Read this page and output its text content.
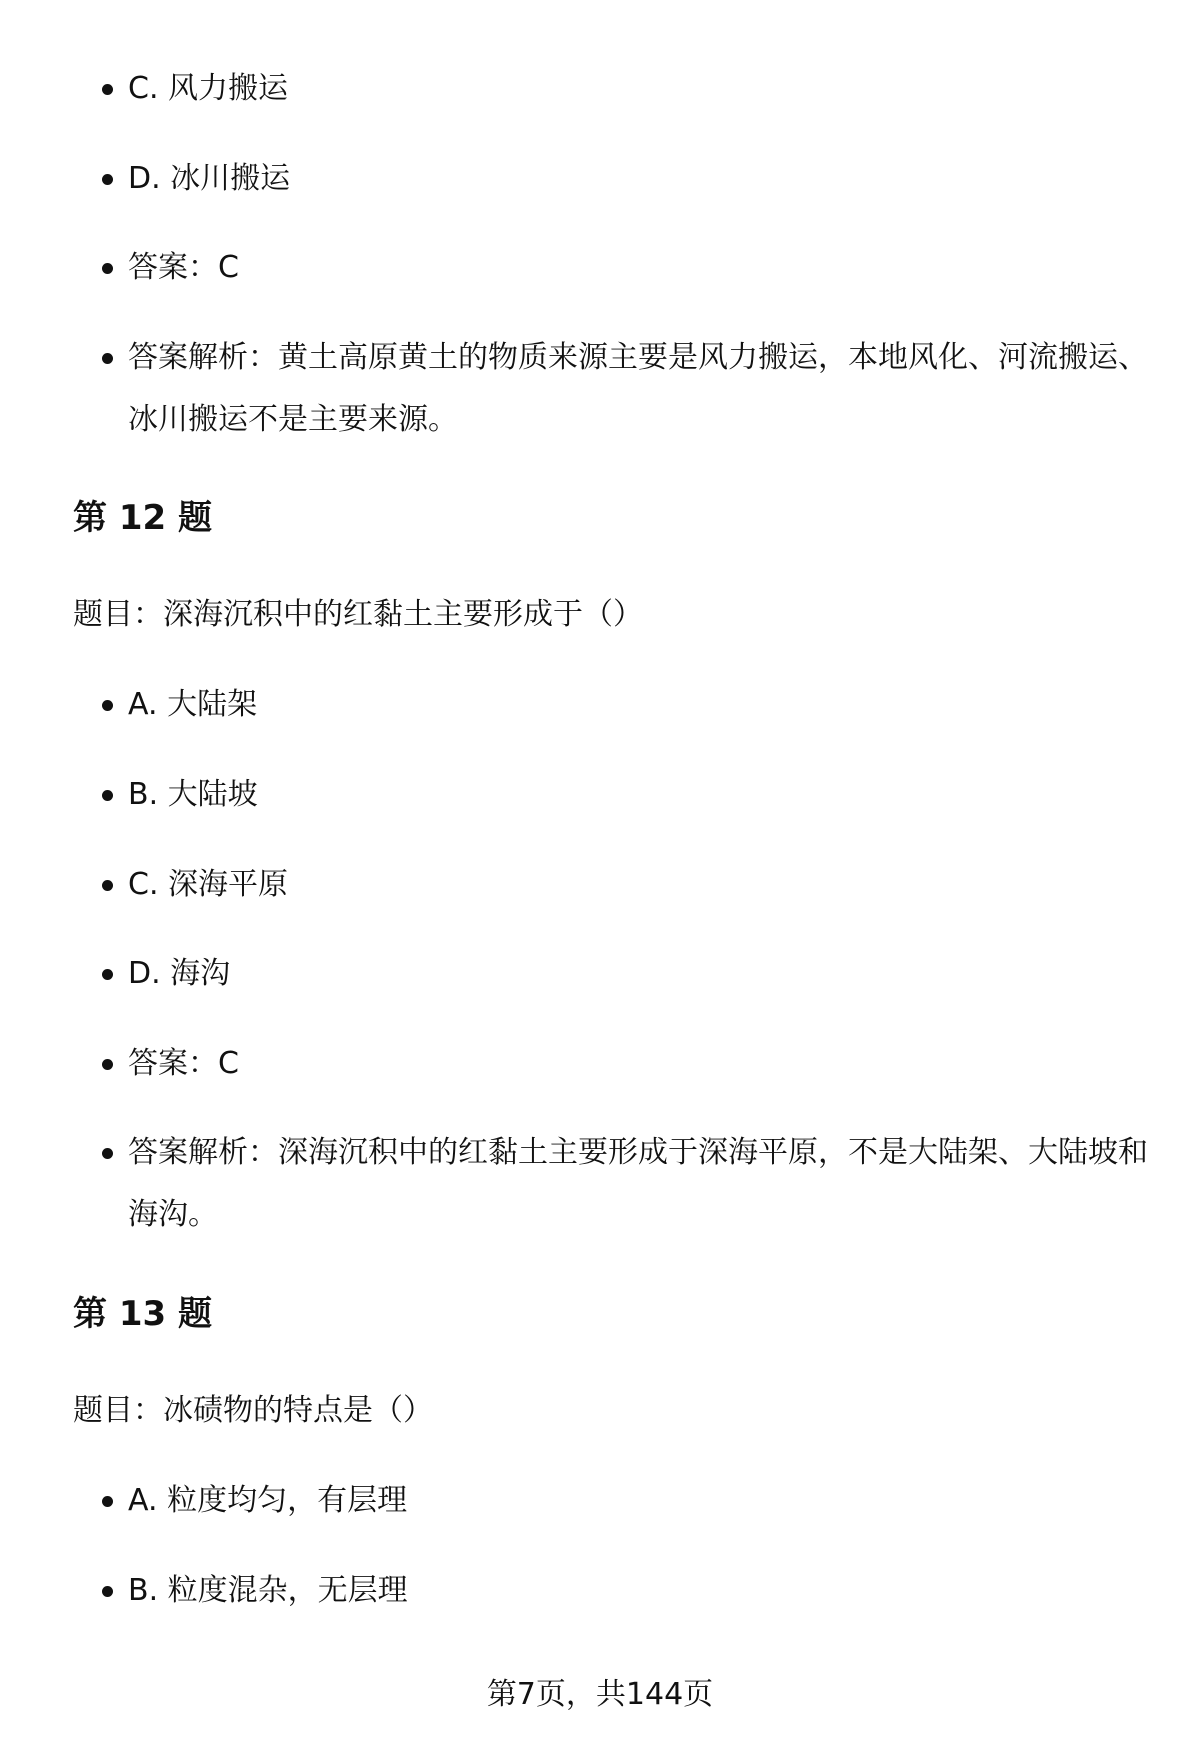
C. 风力搬运
D. 冰川搬运
答案：C
答案解析：黄土高原黄土的物质来源主要是风力搬运，本地风化、河流搬运、冰川搬运不是主要来源。
第 12 题
题目：深海沉积中的红黏土主要形成于（）
A. 大陆架
B. 大陆坡
C. 深海平原
D. 海沟
答案：C
答案解析：深海沉积中的红黏土主要形成于深海平原，不是大陆架、大陆坡和海沟。
第 13 题
题目：冰碛物的特点是（）
A. 粒度均匀，有层理
B. 粒度混杂，无层理
第7页，共144页
